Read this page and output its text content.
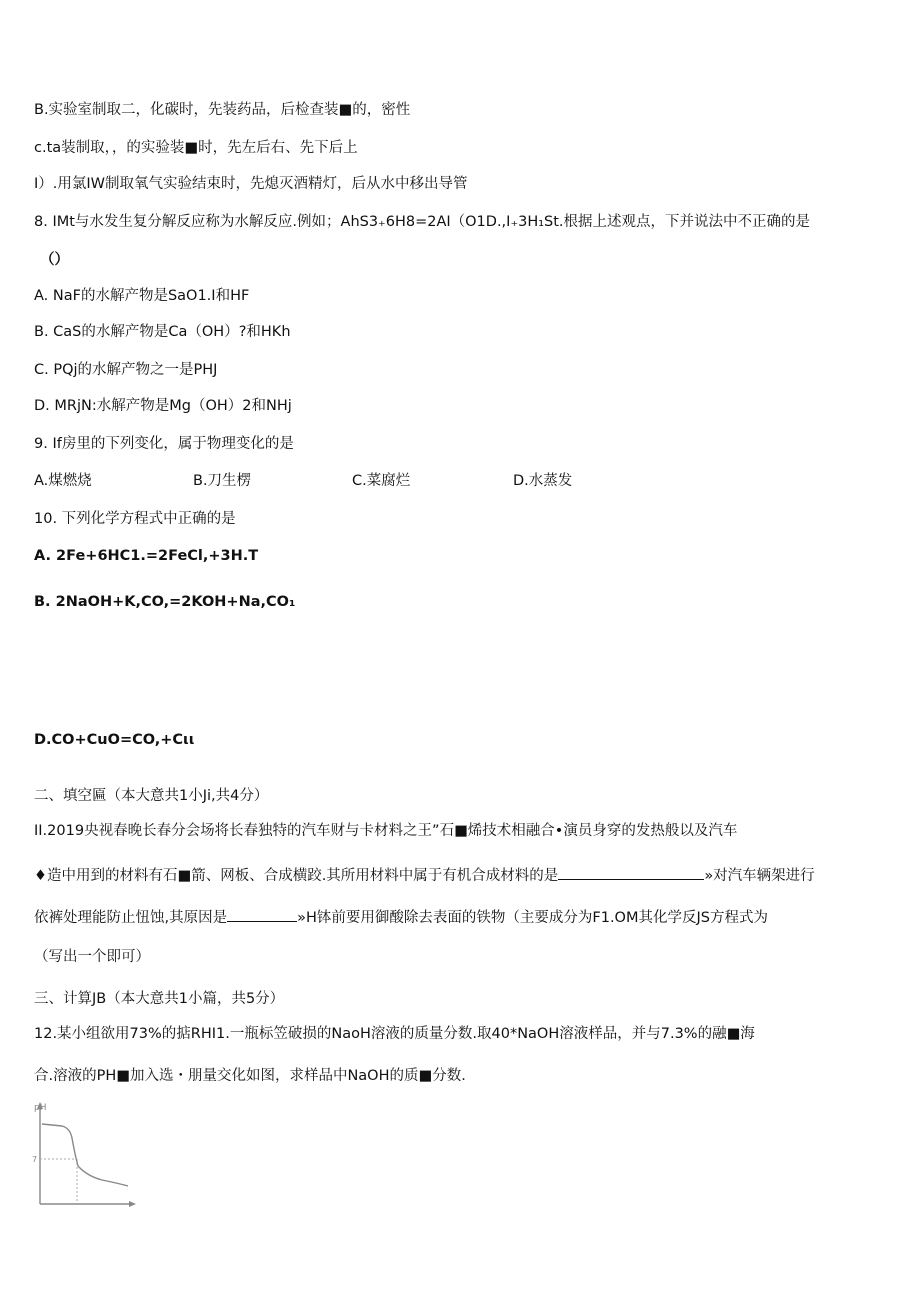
B.实验室制取二，化碳时，先装药品，后检查装■的，密性
c.ta装制取，，的实验装■时，先左后右、先下后上
I）.用氯IW制取氧气实验结束时，先熄灭酒精灯，后从水中移出导管
8. IMt与水发生复分解反应称为水解反应.例如；AhS3₊6H8=2AI（O1D.,I₊3H₁St.根据上述观点，下并说法中不正确的是
（）
A. NaF的水解产物是SaO1.I和HF
B. CaS的水解产物是Ca（OH）?和HKh
C. PQj的水解产物之一是PHJ
D. MRjN:水解产物是Mg（OH）2和NHj
9. If房里的下列变化，属于物理变化的是
A.煤燃烧	B.刀生楞	C.菜腐烂	D.水蒸发
10. 下列化学方程式中正确的是
A. 2Fe+6HC1.=2FeCl,+3H.T
B. 2NaOH+K,CO,=2KOH+Na,CO₁
D.CO+CuO=CO,+Cιι
二、填空匾（本大意共1小Ji,共4分）
II.2019央视春晚长春分会场将长春独特的汽车财与卡材料之王”石■烯技术相融合•演员身穿的发热般以及汽车
♦造中用到的材料有石■箭、网板、合成横跤.其所用材料中属于有机合成材料的是	»对汽车辆架进行
依裤处理能防止忸蚀,其原因是	»H钵前要用御酸除去表面的铁物（主要成分为F1.OM其化学反JS方程式为
（写出一个即可）
三、计算JB（本大意共1小篇，共5分）
12.某小组欲用73%的掂RHI1.一瓶标笠破损的NaoH溶液的质量分数.取40*NaOH溶液样品，并与7.3%的融■海
合.溶液的PH■加入选・朋量交化如图，求样品中NaOH的质■分数.
pH
7
